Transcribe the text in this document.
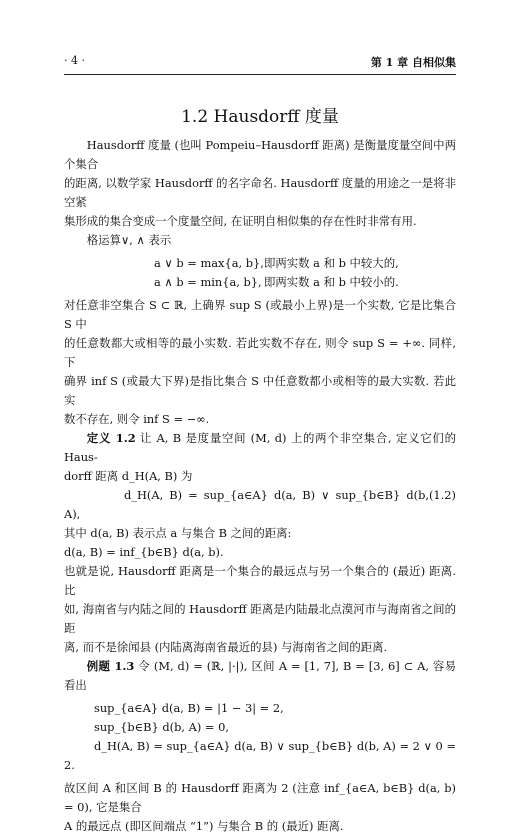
· 4 ·	第 1 章 自相似集
1.2 Hausdorff 度量

Hausdorff 度量 (也叫 Pompeiu–Hausdorff 距离) 是衡量度量空间中两个集合

的距离, 以数学家 Hausdorff 的名字命名. Hausdorff 度量的用途之一是将非空紧

集形成的集合变成一个度量空间, 在证明自相似集的存在性时非常有用.

格运算∨, ∧ 表示

a ∨ b = max{a, b},即两实数 a 和 b 中较大的,

a ∧ b = min{a, b}, 即两实数 a 和 b 中较小的.

对任意非空集合 S ⊂ ℝ, 上确界 sup S (或最小上界)是一个实数, 它是比集合 S 中

的任意数都大或相等的最小实数. 若此实数不存在, 则令 sup S = +∞. 同样, 下

确界 inf S (或最大下界)是指比集合 S 中任意数都小或相等的最大实数. 若此实

数不存在, 则令 inf S = −∞.

定义 1.2 让 A, B 是度量空间 (M, d) 上的两个非空集合, 定义它们的 Haus-

dorff 距离 d_H(A, B) 为

(1.2)
d_H(A, B) = sup_{a∈A} d(a, B) ∨ sup_{b∈B} d(b, A),

其中 d(a, B) 表示点 a 与集合 B 之间的距离:

d(a, B) = inf_{b∈B} d(a, b).

也就是说, Hausdorff 距离是一个集合的最远点与另一个集合的 (最近) 距离. 比

如, 海南省与内陆之间的 Hausdorff 距离是内陆最北点漠河市与海南省之间的距

离, 而不是徐闻县 (内陆离海南省最近的县) 与海南省之间的距离.

例题 1.3 令 (M, d) = (ℝ, |·|), 区间 A = [1, 7], B = [3, 6] ⊂ A, 容易看出

sup_{a∈A} d(a, B) = |1 − 3| = 2,

sup_{b∈B} d(b, A) = 0,

d_H(A, B) = sup_{a∈A} d(a, B) ∨ sup_{b∈B} d(b, A) = 2 ∨ 0 = 2.

故区间 A 和区间 B 的 Hausdorff 距离为 2 (注意 inf_{a∈A, b∈B} d(a, b) = 0), 它是集合

A 的最远点 (即区间端点 “1”) 与集合 B 的 (最近) 距离.
